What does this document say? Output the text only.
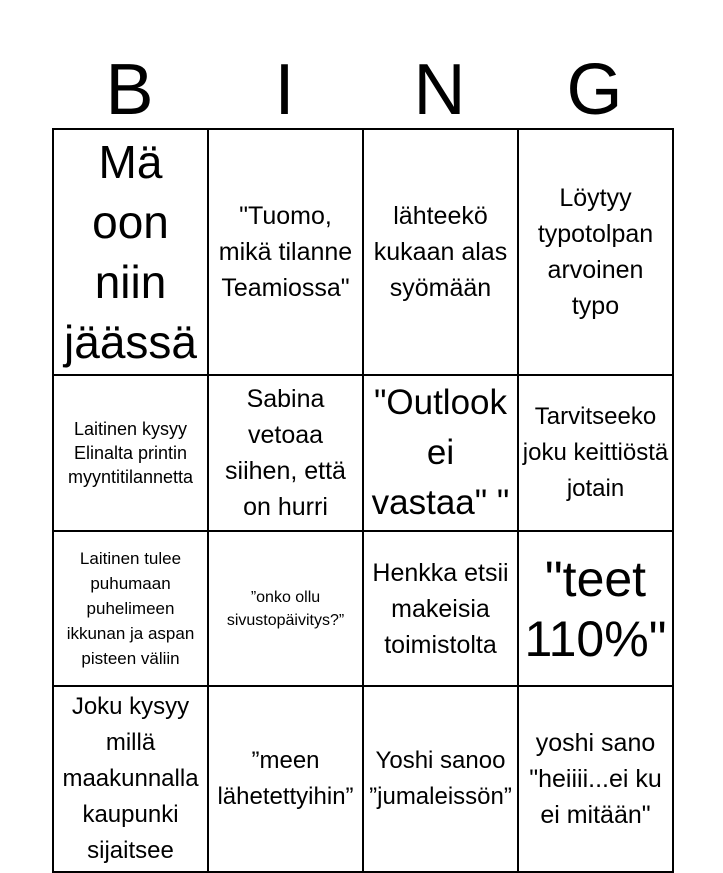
B	I	N	G
Mä oon niin jäässä	"Tuomo, mikä tilanne Teamiossa"	lähteekö kukaan alas syömään	Löytyy typotolpan arvoinen typo
Laitinen kysyy Elinalta printin myyntitilannetta	Sabina vetoaa siihen, että on hurri	"Outlook ei vastaa" "	Tarvitseeko joku keittiöstä jotain
Laitinen tulee puhumaan puhelimeen ikkunan ja aspan pisteen väliin	”onko ollu sivustopäivitys?”	Henkka etsii makeisia toimistolta	"teet 110%"
Joku kysyy millä maakunnalla kaupunki sijaitsee	”meen lähetettyihin”	Yoshi sanoo ”jumaleissön”	yoshi sano "heiiii...ei ku ei mitään"
